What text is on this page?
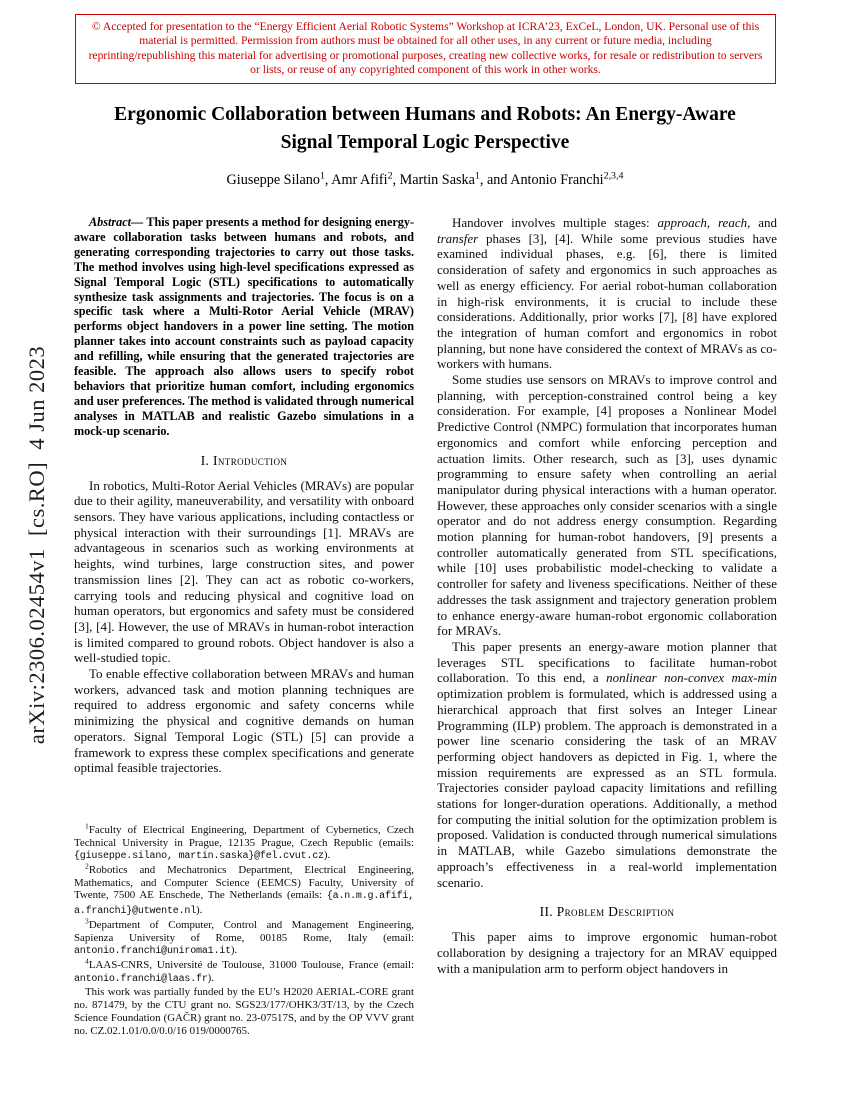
arXiv:2306.02454v1  [cs.RO]  4 Jun 2023
© Accepted for presentation to the “Energy Efficient Aerial Robotic Systems” Workshop at ICRA’23, ExCeL, London, UK. Personal use of this material is permitted. Permission from authors must be obtained for all other uses, in any current or future media, including reprinting/republishing this material for advertising or promotional purposes, creating new collective works, for resale or redistribution to servers or lists, or reuse of any copyrighted component of this work in other works.
Ergonomic Collaboration between Humans and Robots: An Energy-Aware Signal Temporal Logic Perspective
Giuseppe Silano$^1$, Amr Afifi$^2$, Martin Saska$^1$, and Antonio Franchi$^{2,3,4}$

Abstract— This paper presents a method for designing energy-aware collaboration tasks between humans and robots, and generating corresponding trajectories to carry out those tasks. The method involves using high-level specifications expressed as Signal Temporal Logic (STL) specifications to automatically synthesize task assignments and trajectories. The focus is on a specific task where a Multi-Rotor Aerial Vehicle (MRAV) performs object handovers in a power line setting. The motion planner takes into account constraints such as payload capacity and refilling, while ensuring that the generated trajectories are feasible. The approach also allows users to specify robot behaviors that prioritize human comfort, including ergonomics and user preferences. The method is validated through numerical analyses in MATLAB and realistic Gazebo simulations in a mock-up scenario.

I. Introduction

In robotics, Multi-Rotor Aerial Vehicles (MRAVs) are popular due to their agility, maneuverability, and versatility with onboard sensors. They have various applications, including contactless or physical interaction with their surroundings [1]. MRAVs are advantageous in scenarios such as working environments at heights, wind turbines, large construction sites, and power transmission lines [2]. They can act as robotic co-workers, carrying tools and reducing physical and cognitive load on human operators, but ergonomics and safety must be considered [3], [4]. However, the use of MRAVs in human-robot interaction is limited compared to ground robots. Object handover is also a well-studied topic.

To enable effective collaboration between MRAVs and human workers, advanced task and motion planning techniques are required to address ergonomic and safety concerns while minimizing the physical and cognitive demands on human operators. Signal Temporal Logic (STL) [5] can provide a framework to express these complex specifications and generate optimal feasible trajectories.

$^1$Faculty of Electrical Engineering, Department of Cybernetics, Czech Technical University in Prague, 12135 Prague, Czech Republic (emails: {giuseppe.silano, martin.saska}@fel.cvut.cz).

$^2$Robotics and Mechatronics Department, Electrical Engineering, Mathematics, and Computer Science (EEMCS) Faculty, University of Twente, 7500 AE Enschede, The Netherlands (emails: {a.n.m.g.afifi, a.franchi}@utwente.nl).

$^3$Department of Computer, Control and Management Engineering, Sapienza University of Rome, 00185 Rome, Italy (email: antonio.franchi@uniroma1.it).

$^4$LAAS-CNRS, Université de Toulouse, 31000 Toulouse, France (email: antonio.franchi@laas.fr).

This work was partially funded by the EU’s H2020 AERIAL-CORE grant no. 871479, by the CTU grant no. SGS23/177/OHK3/3T/13, by the Czech Science Foundation (GAČR) grant no. 23-07517S, and by the OP VVV grant no. CZ.02.1.01/0.0/0.0/16 019/0000765.

Handover involves multiple stages: approach, reach, and transfer phases [3], [4]. While some previous studies have examined individual phases, e.g. [6], there is limited consideration of safety and ergonomics in such approaches as well as energy efficiency. For aerial robot-human collaboration in high-risk environments, it is crucial to include these considerations. Additionally, prior works [7], [8] have explored the integration of human comfort and ergonomics in robot planning, but none have considered the context of MRAVs as co-workers with humans.

Some studies use sensors on MRAVs to improve control and planning, with perception-constrained control being a key consideration. For example, [4] proposes a Nonlinear Model Predictive Control (NMPC) formulation that incorporates human ergonomics and comfort while enforcing perception and actuation limits. Other research, such as [3], uses dynamic programming to ensure safety when controlling an aerial manipulator during physical interactions with a human operator. However, these approaches only consider scenarios with a single operator and do not address energy consumption. Regarding motion planning for human-robot handovers, [9] presents a controller automatically generated from STL specifications, while [10] uses probabilistic model-checking to validate a controller for safety and liveness specifications. Neither of these addresses the task assignment and trajectory generation problem to enhance energy-aware human-robot ergonomic collaboration for MRAVs.

This paper presents an energy-aware motion planner that leverages STL specifications to facilitate human-robot collaboration. To this end, a nonlinear non-convex max-min optimization problem is formulated, which is addressed using a hierarchical approach that first solves an Integer Linear Programming (ILP) problem. The approach is demonstrated in a power line scenario considering the task of an MRAV performing object handovers as depicted in Fig. 1, where the mission requirements are expressed as an STL formula. Trajectories consider payload capacity limitations and refilling stations for longer-duration operations. Additionally, a method for computing the initial solution for the optimization problem is proposed. Validation is conducted through numerical simulations in MATLAB, while Gazebo simulations demonstrate the approach’s effectiveness in a real-world implementation scenario.

II. Problem Description

This paper aims to improve ergonomic human-robot collaboration by designing a trajectory for an MRAV equipped with a manipulation arm to perform object handovers in
